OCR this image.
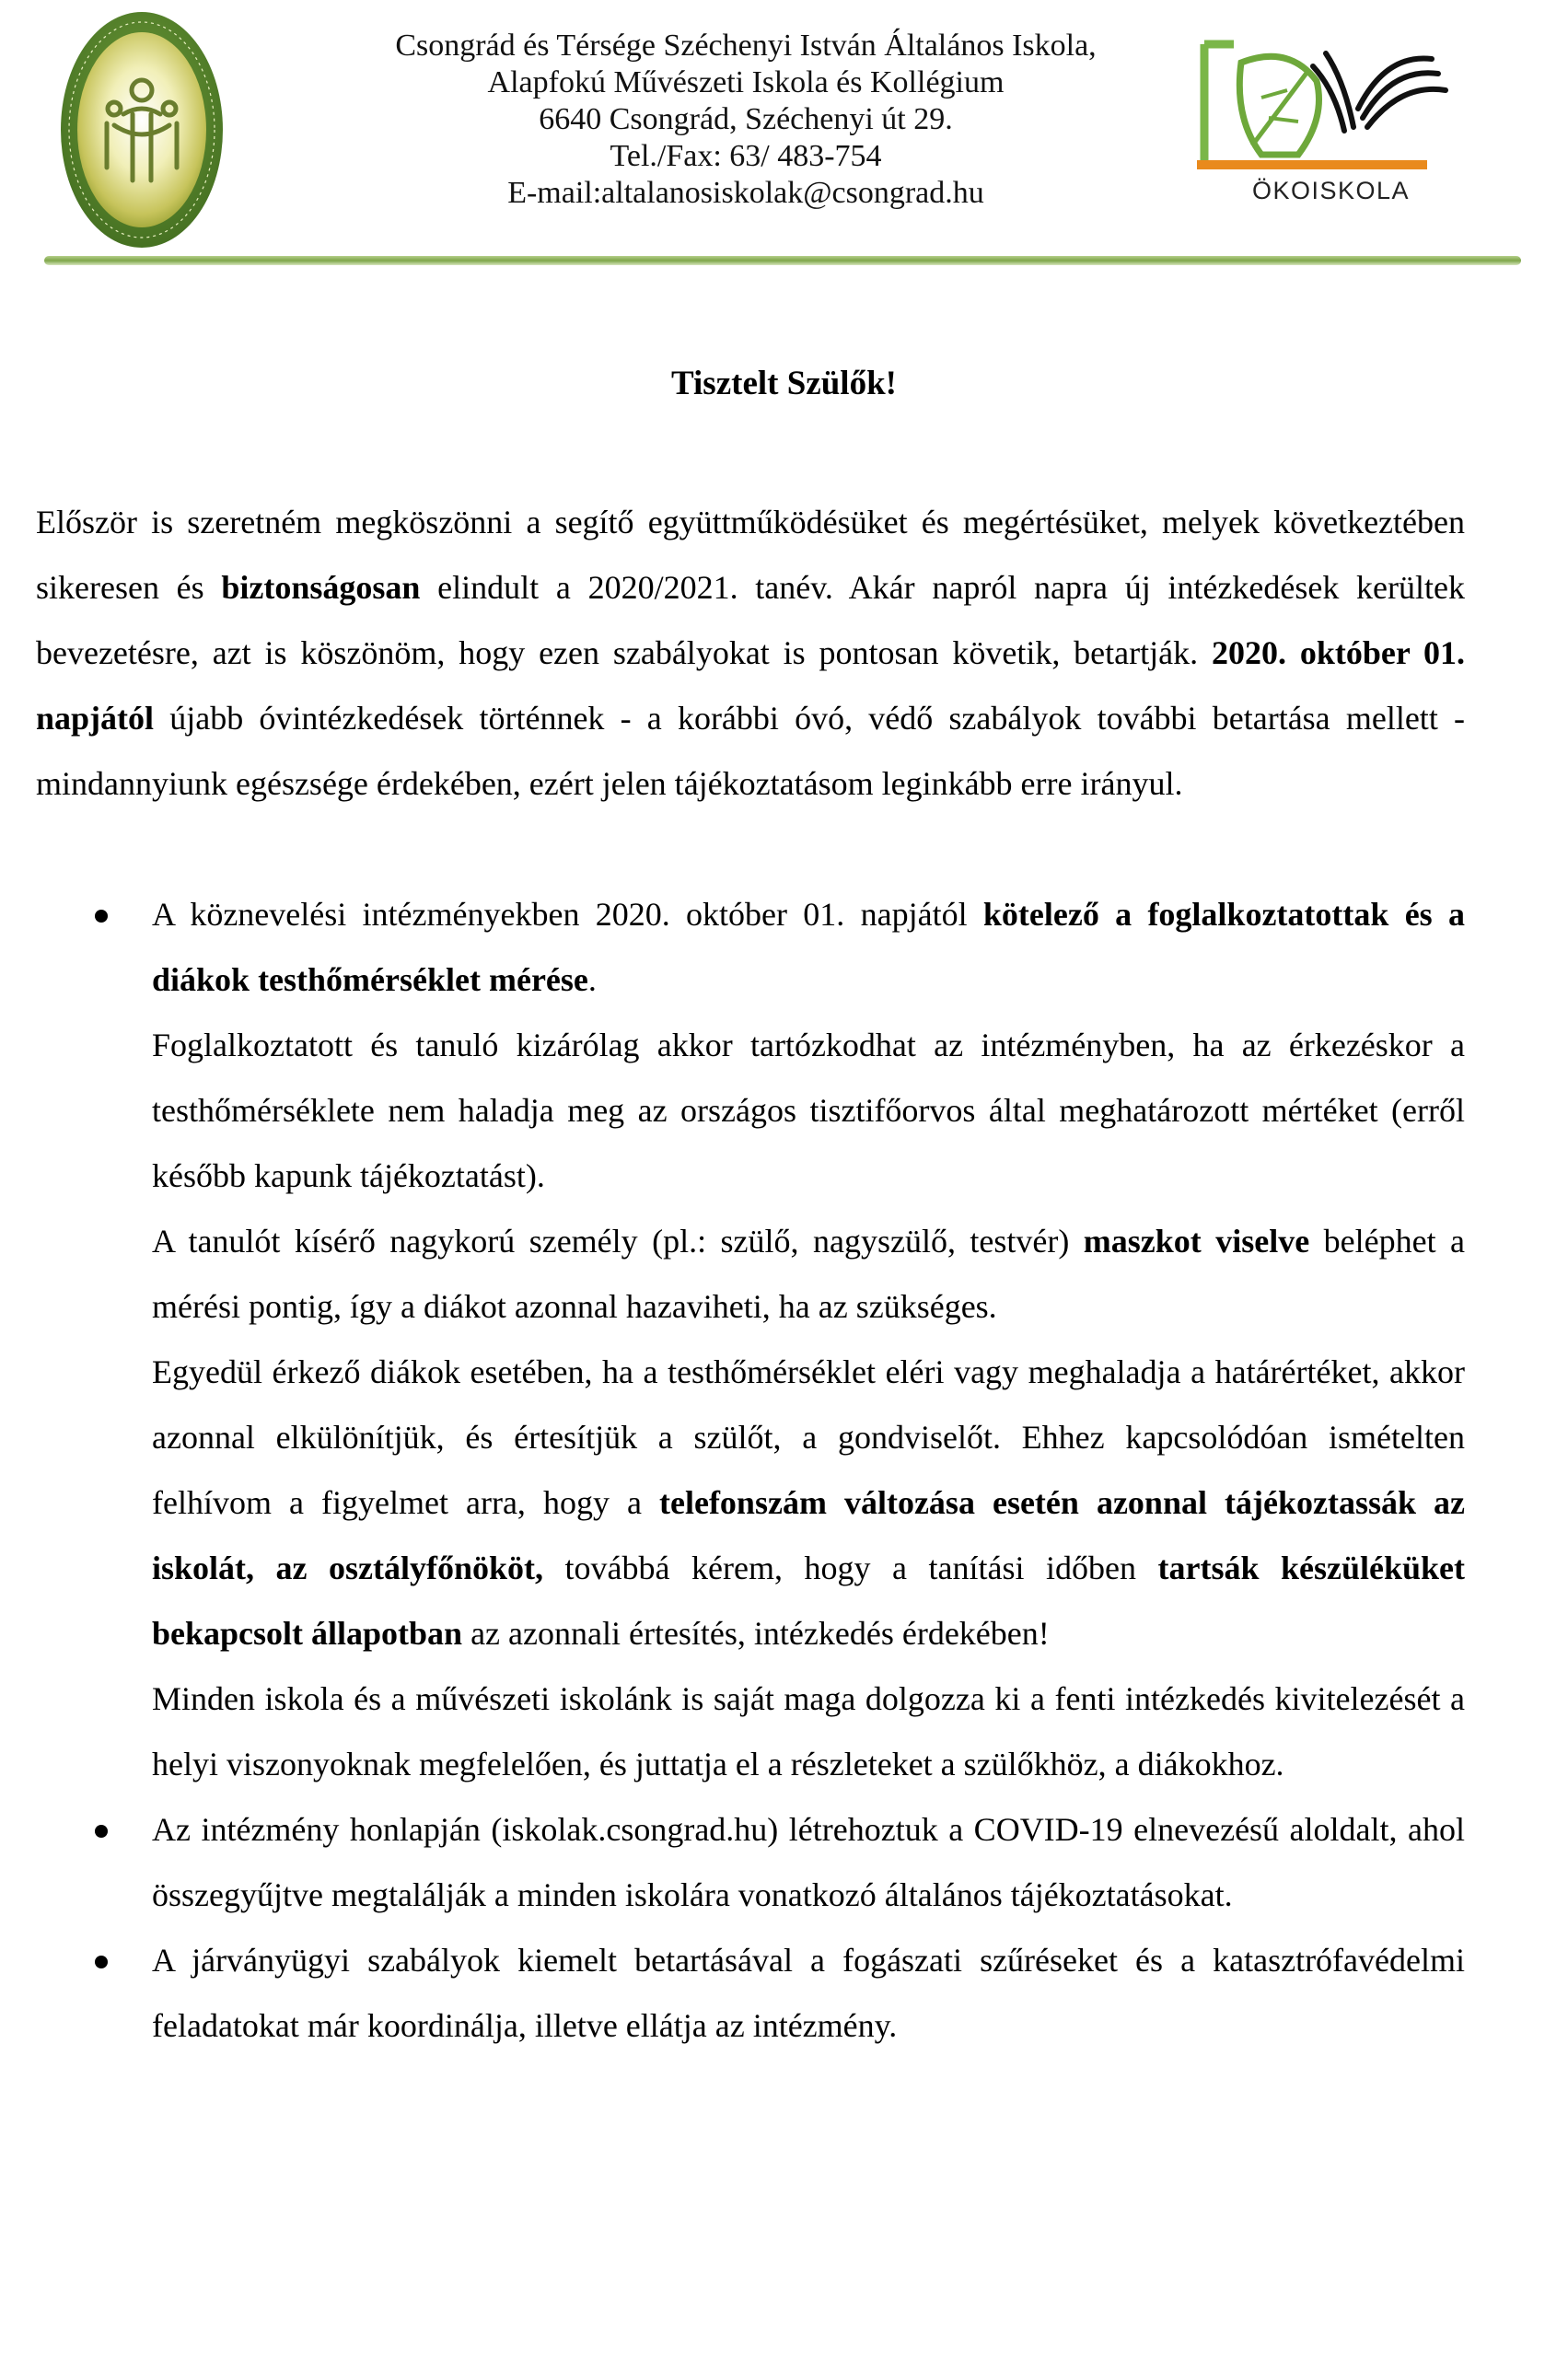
Csongrád és Térsége Széchenyi István Általános Iskola,
Alapfokú Művészeti Iskola és Kollégium
6640 Csongrád, Széchenyi út 29.
Tel./Fax: 63/ 483-754
E-mail:altalanosiskolak@csongrad.hu	ÖKOISKOLA
Tisztelt Szülők!

Először is szeretném megköszönni a segítő együttműködésüket és megértésüket, melyek következtében sikeresen és biztonságosan elindult a 2020/2021. tanév. Akár napról napra új intézkedések kerültek bevezetésre, azt is köszönöm, hogy ezen szabályokat is pontosan követik, betartják. 2020. október 01. napjától újabb óvintézkedések történnek - a korábbi óvó, védő szabályok további betartása mellett - mindannyiunk egészsége érdekében, ezért jelen tájékoztatásom leginkább erre irányul.

A köznevelési intézményekben 2020. október 01. napjától kötelező a foglalkoztatottak és a diákok testhőmérséklet mérése.

Foglalkoztatott és tanuló kizárólag akkor tartózkodhat az intézményben, ha az érkezéskor a testhőmérséklete nem haladja meg az országos tisztifőorvos által meghatározott mértéket (erről később kapunk tájékoztatást).

A tanulót kísérő nagykorú személy (pl.: szülő, nagyszülő, testvér) maszkot viselve beléphet a mérési pontig, így a diákot azonnal hazaviheti, ha az szükséges.

Egyedül érkező diákok esetében, ha a testhőmérséklet eléri vagy meghaladja a határértéket, akkor azonnal elkülönítjük, és értesítjük a szülőt, a gondviselőt. Ehhez kapcsolódóan ismételten felhívom a figyelmet arra, hogy a telefonszám változása esetén azonnal tájékoztassák az iskolát, az osztályfőnököt, továbbá kérem, hogy a tanítási időben tartsák készüléküket bekapcsolt állapotban az azonnali értesítés, intézkedés érdekében!

Minden iskola és a művészeti iskolánk is saját maga dolgozza ki a fenti intézkedés kivitelezését a helyi viszonyoknak megfelelően, és juttatja el a részleteket a szülőkhöz, a diákokhoz.

Az intézmény honlapján (iskolak.csongrad.hu) létrehoztuk a COVID-19 elnevezésű aloldalt, ahol összegyűjtve megtalálják a minden iskolára vonatkozó általános tájékoztatásokat.

A járványügyi szabályok kiemelt betartásával a fogászati szűréseket és a katasztrófavédelmi feladatokat már koordinálja, illetve ellátja az intézmény.
